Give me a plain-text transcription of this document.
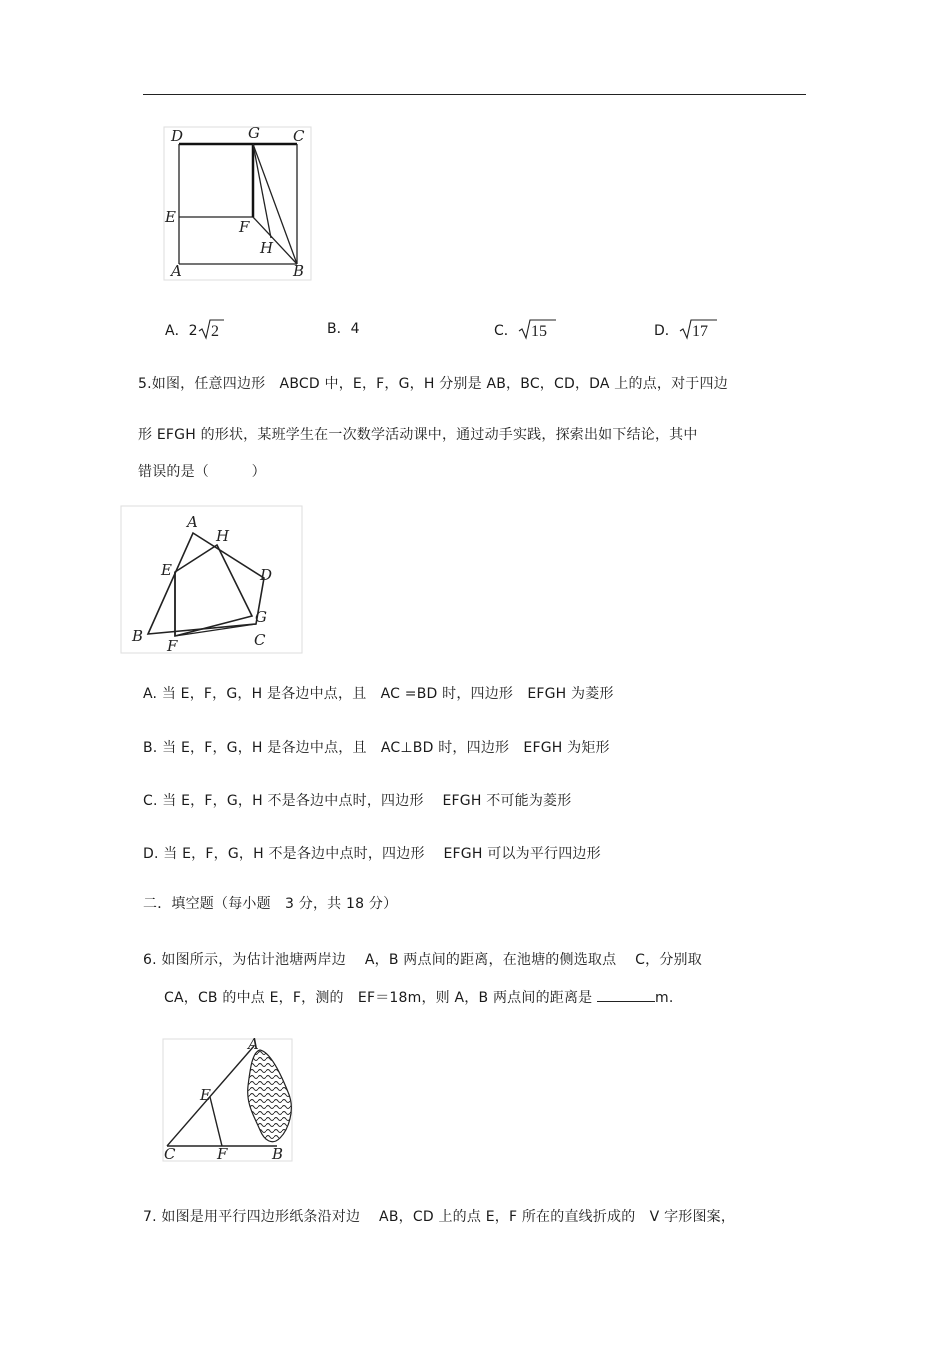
D	G C
E
F
H
A	B
A．2 2	B．4	C． 15	D． 17
5.如图，任意四边形　ABCD 中，E，F，G，H 分别是 AB，BC，CD，DA 上的点，对于四边
形 EFGH 的形状，某班学生在一次数学活动课中，通过动手实践，探索出如下结论，其中
错误的是（　　　）
A
H
E	D
G
B
F	C
A. 当 E，F，G，H 是各边中点，且　AC =BD 时，四边形　EFGH 为菱形
B. 当 E，F，G，H 是各边中点，且　AC⊥BD 时，四边形　EFGH 为矩形
C. 当 E，F，G，H 不是各边中点时，四边形　 EFGH 不可能为菱形
D. 当 E，F，G，H 不是各边中点时，四边形　 EFGH 可以为平行四边形
二．填空题（每小题　3 分，共 18 分）
6. 如图所示，为估计池塘两岸边　 A，B 两点间的距离，在池塘的侧选取点　 C，分别取
CA，CB 的中点 E，F，测的　EF＝18m，则 A，B 两点间的距离是	m.
A
E
C	F	B
7. 如图是用平行四边形纸条沿对边　 AB，CD 上的点 E，F 所在的直线折成的　V 字形图案，
